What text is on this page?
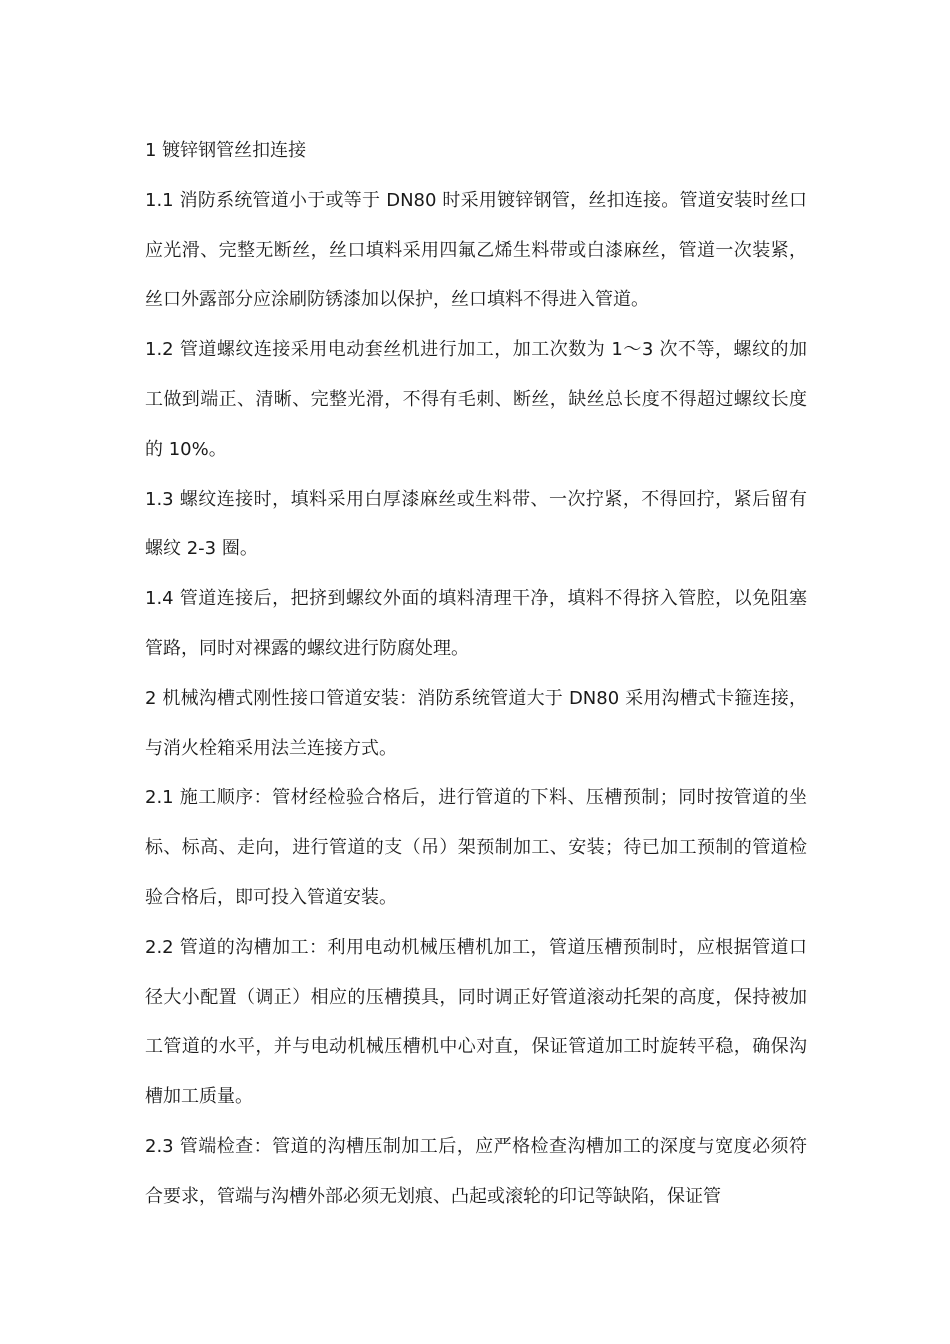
1 镀锌钢管丝扣连接

1.1 消防系统管道小于或等于 DN80 时采用镀锌钢管，丝扣连接。管道安装时丝口应光滑、完整无断丝，丝口填料采用四氟乙烯生料带或白漆麻丝，管道一次装紧，丝口外露部分应涂刷防锈漆加以保护，丝口填料不得进入管道。

1.2 管道螺纹连接采用电动套丝机进行加工，加工次数为 1～3 次不等，螺纹的加工做到端正、清晰、完整光滑，不得有毛刺、断丝，缺丝总长度不得超过螺纹长度的 10%。

1.3 螺纹连接时，填料采用白厚漆麻丝或生料带、一次拧紧，不得回拧，紧后留有螺纹 2-3 圈。

1.4 管道连接后，把挤到螺纹外面的填料清理干净，填料不得挤入管腔，以免阻塞管路，同时对裸露的螺纹进行防腐处理。

2 机械沟槽式刚性接口管道安装：消防系统管道大于 DN80 采用沟槽式卡箍连接，与消火栓箱采用法兰连接方式。

2.1 施工顺序：管材经检验合格后，进行管道的下料、压槽预制；同时按管道的坐标、标高、走向，进行管道的支（吊）架预制加工、安装；待已加工预制的管道检验合格后，即可投入管道安装。

2.2 管道的沟槽加工：利用电动机械压槽机加工，管道压槽预制时，应根据管道口径大小配置（调正）相应的压槽摸具，同时调正好管道滚动托架的高度，保持被加工管道的水平，并与电动机械压槽机中心对直，保证管道加工时旋转平稳，确保沟槽加工质量。

2.3 管端检查：管道的沟槽压制加工后，应严格检查沟槽加工的深度与宽度必须符合要求，管端与沟槽外部必须无划痕、凸起或滚轮的印记等缺陷，保证管
